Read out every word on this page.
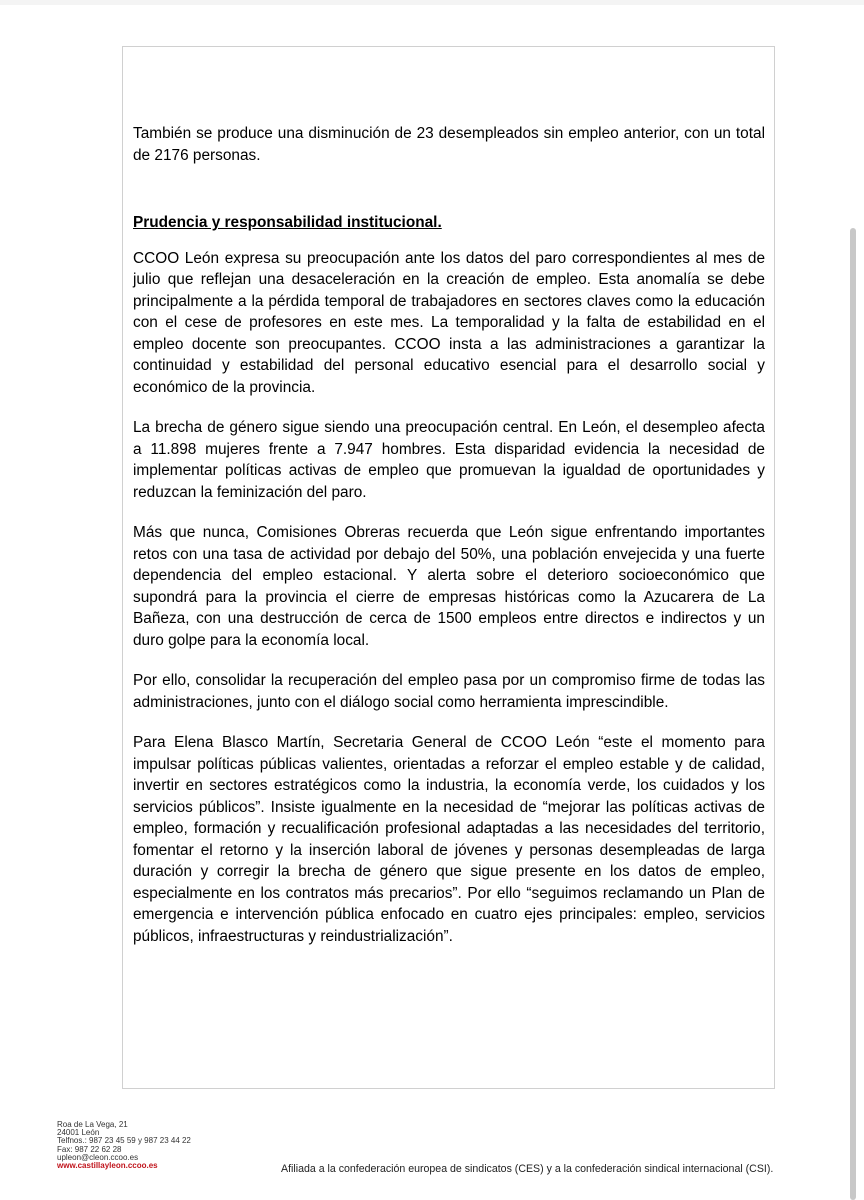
También se produce una disminución de 23 desempleados sin empleo anterior, con un total de 2176 personas.

Prudencia y responsabilidad institucional.

CCOO León expresa su preocupación ante los datos del paro correspondientes al mes de julio que reflejan una desaceleración en la creación de empleo. Esta anomalía se debe principalmente a la pérdida temporal de trabajadores en sectores claves como la educación con el cese de profesores en este mes. La temporalidad y la falta de estabilidad en el empleo docente son preocupantes. CCOO insta a las administraciones a garantizar la continuidad y estabilidad del personal educativo esencial para el desarrollo social y económico de la provincia.

La brecha de género sigue siendo una preocupación central. En León, el desempleo afecta a 11.898 mujeres frente a 7.947 hombres. Esta disparidad evidencia la necesidad de implementar políticas activas de empleo que promuevan la igualdad de oportunidades y reduzcan la feminización del paro.

Más que nunca, Comisiones Obreras recuerda que León sigue enfrentando importantes retos con una tasa de actividad por debajo del 50%, una población envejecida y una fuerte dependencia del empleo estacional. Y alerta sobre el deterioro socioeconómico que supondrá para la provincia el cierre de empresas históricas como la Azucarera de La Bañeza, con una destrucción de cerca de 1500 empleos entre directos e indirectos y un duro golpe para la economía local.

Por ello, consolidar la recuperación del empleo pasa por un compromiso firme de todas las administraciones, junto con el diálogo social como herramienta imprescindible.

Para Elena Blasco Martín, Secretaria General de CCOO León “este el momento para impulsar políticas públicas valientes, orientadas a reforzar el empleo estable y de calidad, invertir en sectores estratégicos como la industria, la economía verde, los cuidados y los servicios públicos”. Insiste igualmente en la necesidad de “mejorar las políticas activas de empleo, formación y recualificación profesional adaptadas a las necesidades del territorio, fomentar el retorno y la inserción laboral de jóvenes y personas desempleadas de larga duración y corregir la brecha de género que sigue presente en los datos de empleo, especialmente en los contratos más precarios”. Por ello “seguimos reclamando un Plan de emergencia e intervención pública enfocado en cuatro ejes principales: empleo, servicios públicos, infraestructuras y reindustrialización”.

Roa de La Vega, 21
24001 León
Telfnos.: 987 23 45 59 y 987 23 44 22
Fax: 987 22 62 28
upleon@cleon.ccoo.es
www.castillayleon.ccoo.es	Afiliada a la confederación europea de sindicatos (CES) y a la confederación sindical internacional (CSI).
